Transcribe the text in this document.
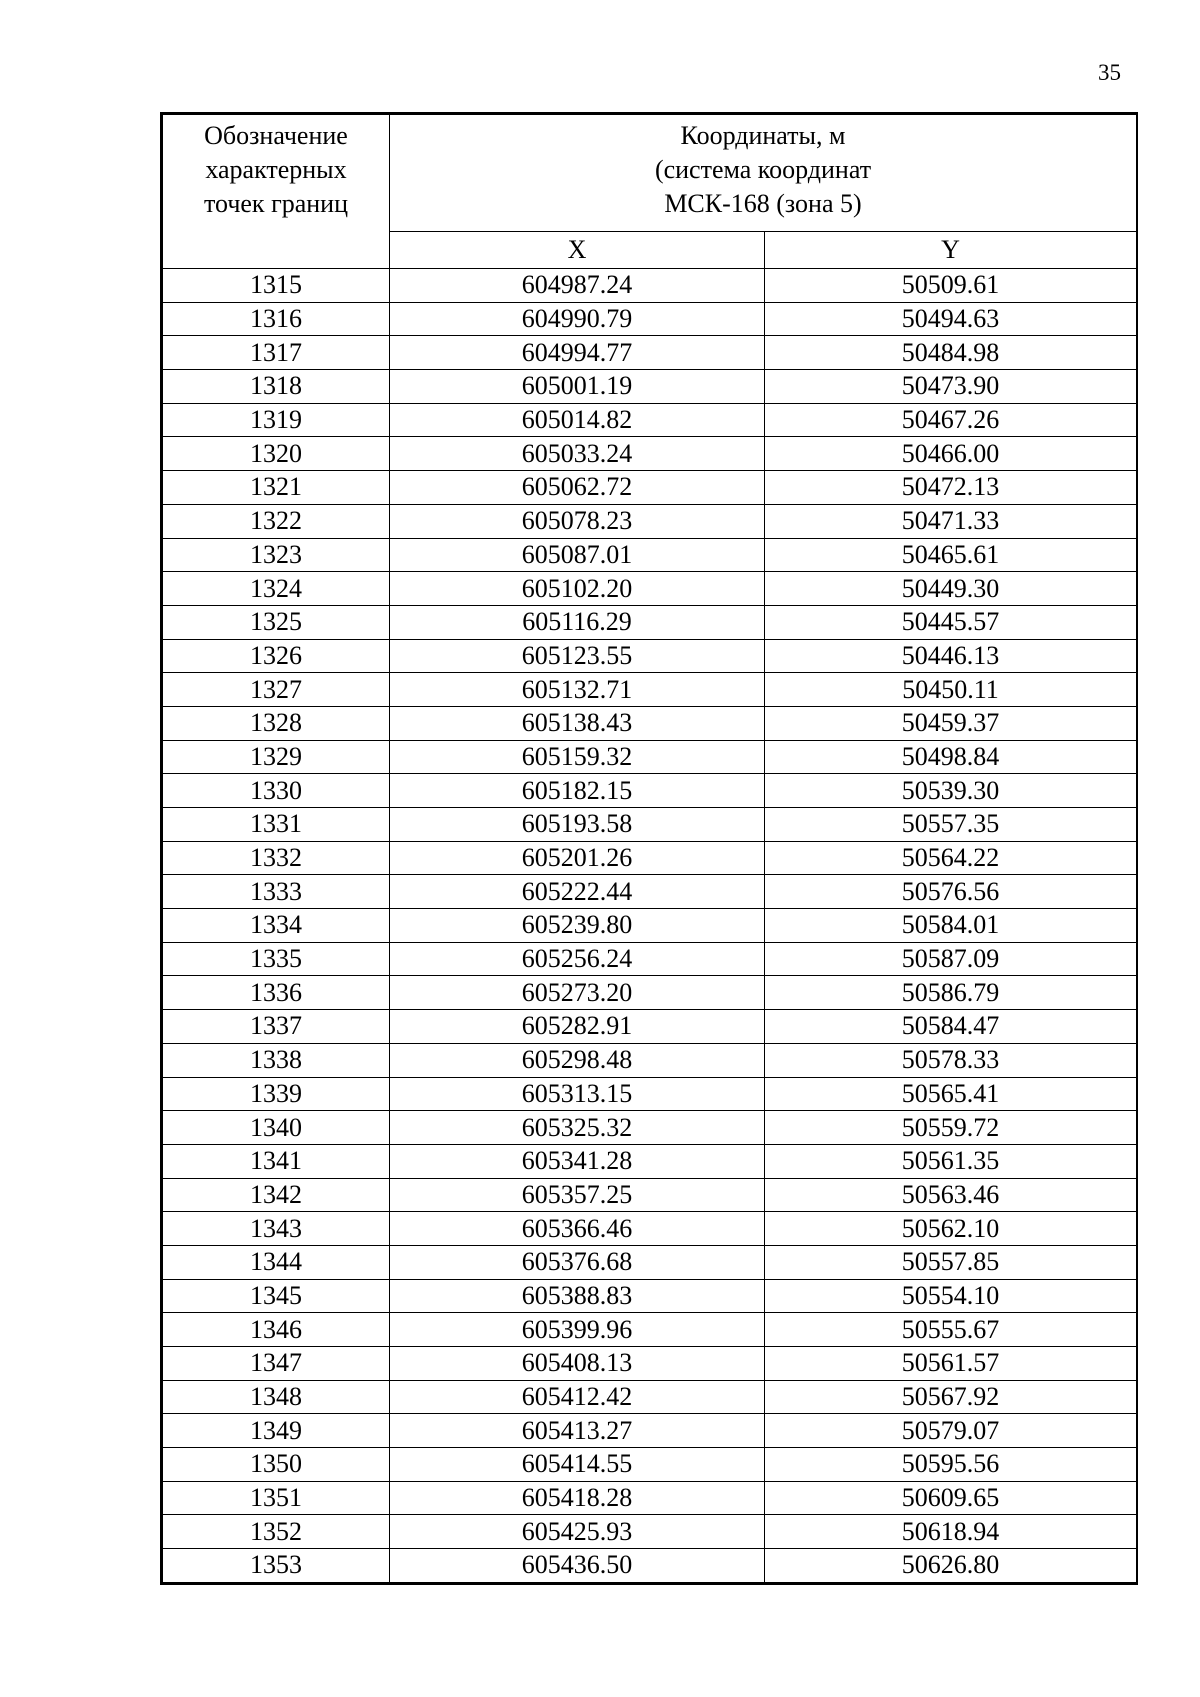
35
Обозначение
характерных
точек границ	Координаты, м
(система координат
МСК-168 (зона 5)	

	X	Y
1315	604987.24	50509.61
1316	604990.79	50494.63
1317	604994.77	50484.98
1318	605001.19	50473.90
1319	605014.82	50467.26
1320	605033.24	50466.00
1321	605062.72	50472.13
1322	605078.23	50471.33
1323	605087.01	50465.61
1324	605102.20	50449.30
1325	605116.29	50445.57
1326	605123.55	50446.13
1327	605132.71	50450.11
1328	605138.43	50459.37
1329	605159.32	50498.84
1330	605182.15	50539.30
1331	605193.58	50557.35
1332	605201.26	50564.22
1333	605222.44	50576.56
1334	605239.80	50584.01
1335	605256.24	50587.09
1336	605273.20	50586.79
1337	605282.91	50584.47
1338	605298.48	50578.33
1339	605313.15	50565.41
1340	605325.32	50559.72
1341	605341.28	50561.35
1342	605357.25	50563.46
1343	605366.46	50562.10
1344	605376.68	50557.85
1345	605388.83	50554.10
1346	605399.96	50555.67
1347	605408.13	50561.57
1348	605412.42	50567.92
1349	605413.27	50579.07
1350	605414.55	50595.56
1351	605418.28	50609.65
1352	605425.93	50618.94
1353	605436.50	50626.80
